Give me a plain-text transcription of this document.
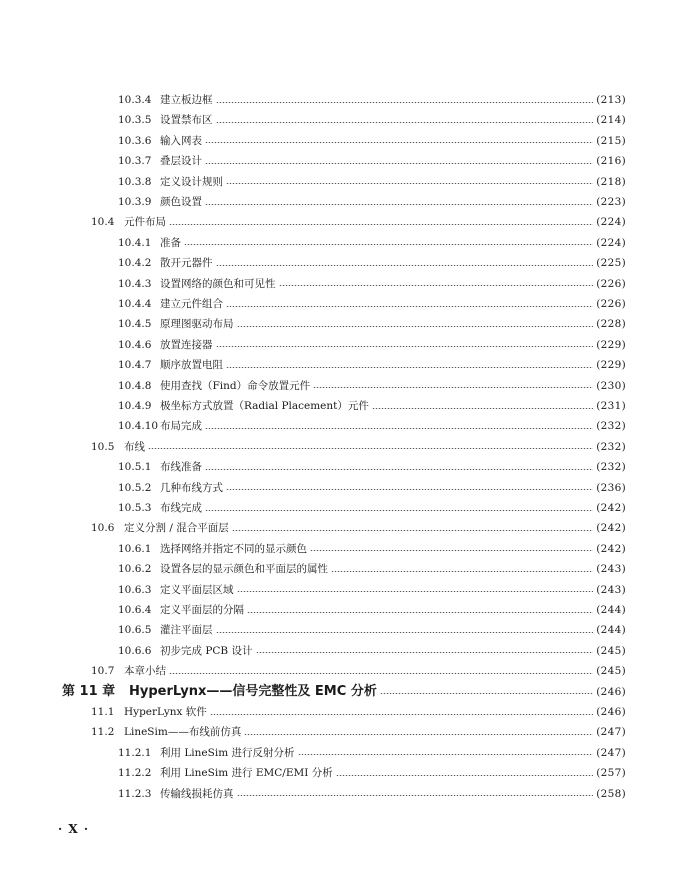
10.3.4 建立板边框	(213)
10.3.5 设置禁布区	(214)
10.3.6 输入网表	(215)
10.3.7 叠层设计	(216)
10.3.8 定义设计规则	(218)
10.3.9 颜色设置	(223)
10.4 元件布局	(224)
10.4.1 准备	(224)
10.4.2 散开元器件	(225)
10.4.3 设置网络的颜色和可见性	(226)
10.4.4 建立元件组合	(226)
10.4.5 原理图驱动布局	(228)
10.4.6 放置连接器	(229)
10.4.7 顺序放置电阻	(229)
10.4.8 使用查找（Find）命令放置元件	(230)
10.4.9 极坐标方式放置（Radial Placement）元件	(231)
10.4.10 布局完成	(232)
10.5 布线	(232)
10.5.1 布线准备	(232)
10.5.2 几种布线方式	(236)
10.5.3 布线完成	(242)
10.6 定义分割 / 混合平面层	(242)
10.6.1 选择网络并指定不同的显示颜色	(242)
10.6.2 设置各层的显示颜色和平面层的属性	(243)
10.6.3 定义平面层区域	(243)
10.6.4 定义平面层的分隔	(244)
10.6.5 灌注平面层	(244)
10.6.6 初步完成 PCB 设计	(245)
10.7 本章小结	(245)
第 11 章	HyperLynx——信号完整性及 EMC 分析	(246)
11.1 HyperLynx 软件	(246)
11.2 LineSim——布线前仿真	(247)
11.2.1 利用 LineSim 进行反射分析	(247)
11.2.2 利用 LineSim 进行 EMC/EMI 分析	(257)
11.2.3 传输线损耗仿真	(258)
· X ·
